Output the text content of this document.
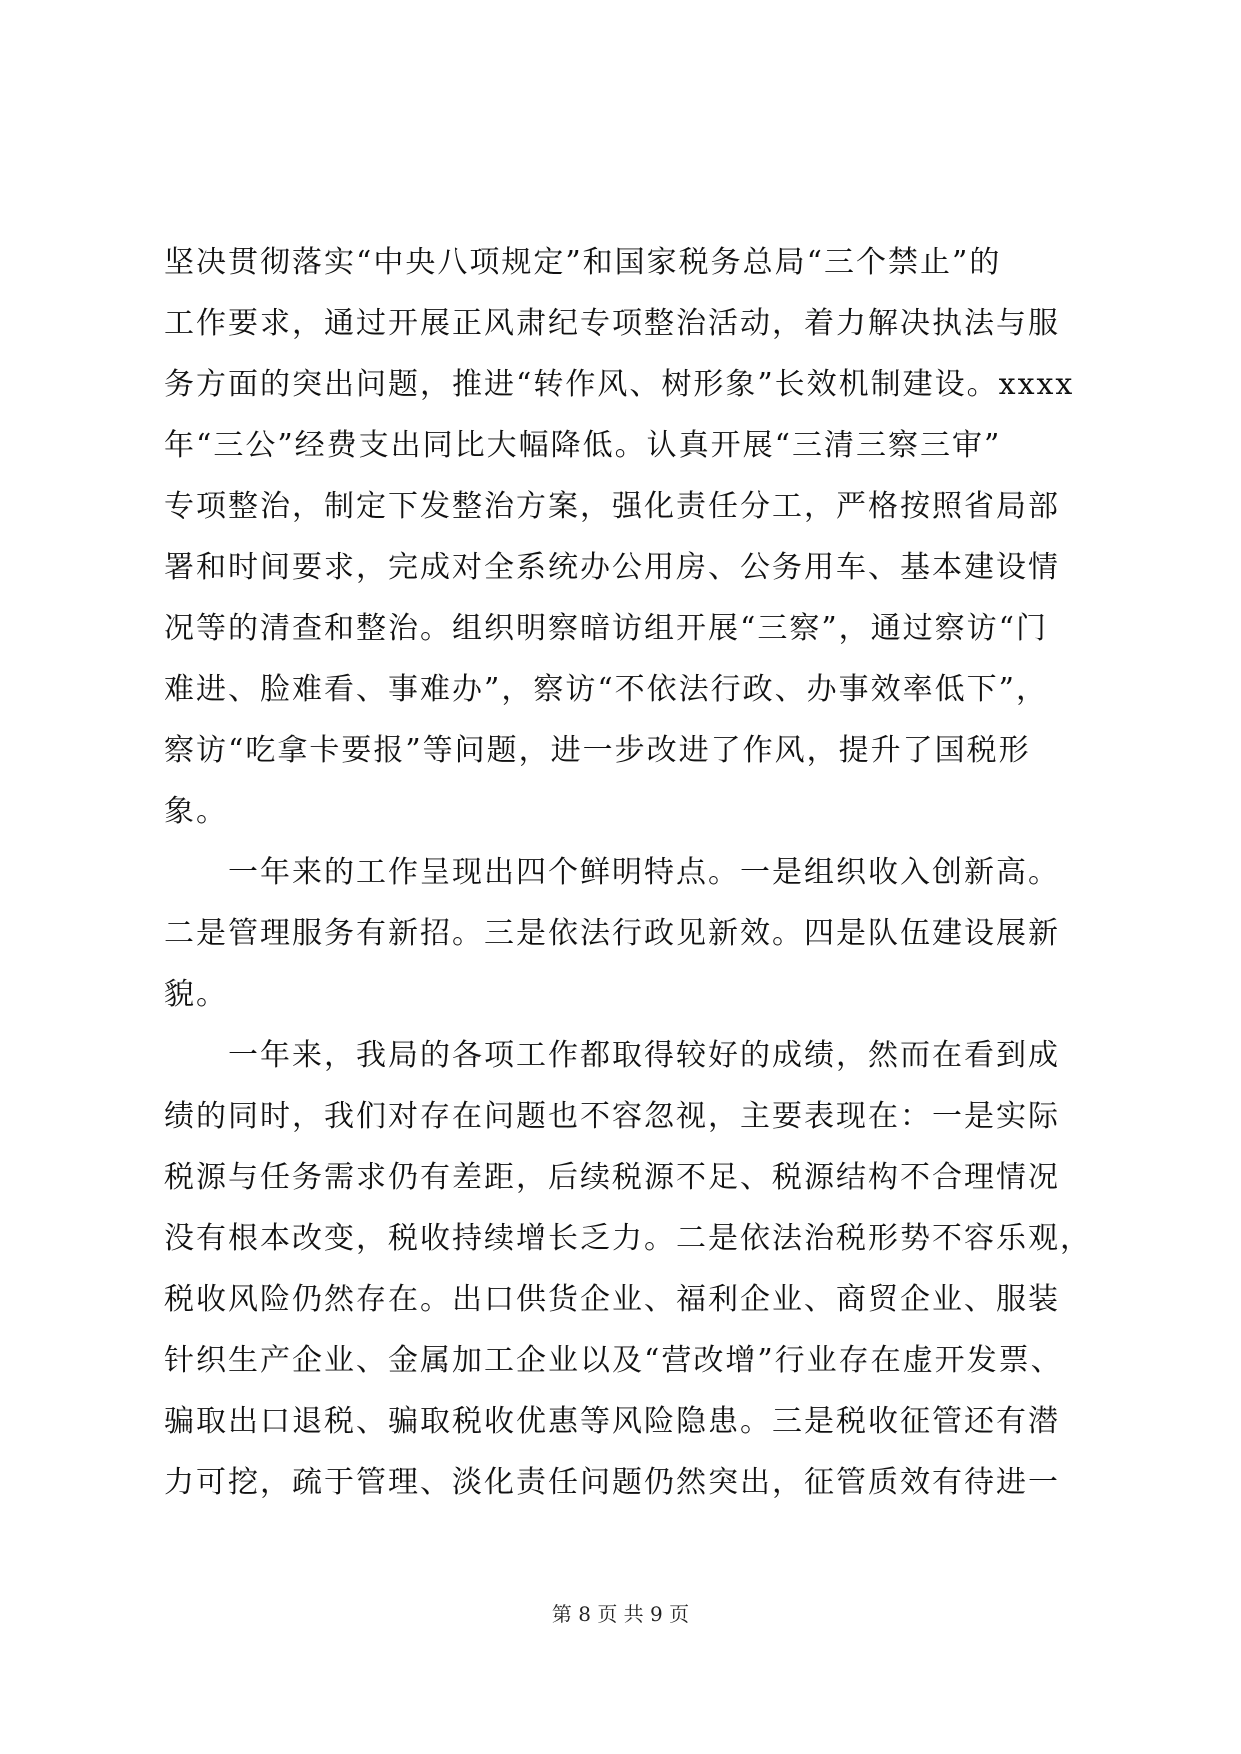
坚决贯彻落实“中央八项规定”和国家税务总局“三个禁止”的
工作要求，通过开展正风肃纪专项整治活动，着力解决执法与服
务方面的突出问题，推进“转作风、树形象”长效机制建设。xxxx
年“三公”经费支出同比大幅降低。认真开展“三清三察三审”
专项整治，制定下发整治方案，强化责任分工，严格按照省局部
署和时间要求，完成对全系统办公用房、公务用车、基本建设情
况等的清查和整治。组织明察暗访组开展“三察”，通过察访“门
难进、脸难看、事难办”，察访“不依法行政、办事效率低下”，
察访“吃拿卡要报”等问题，进一步改进了作风，提升了国税形
象。
一年来的工作呈现出四个鲜明特点。一是组织收入创新高。
二是管理服务有新招。三是依法行政见新效。四是队伍建设展新
貌。
一年来，我局的各项工作都取得较好的成绩，然而在看到成
绩的同时，我们对存在问题也不容忽视，主要表现在：一是实际
税源与任务需求仍有差距，后续税源不足、税源结构不合理情况
没有根本改变，税收持续增长乏力。二是依法治税形势不容乐观，
税收风险仍然存在。出口供货企业、福利企业、商贸企业、服装
针织生产企业、金属加工企业以及“营改增”行业存在虚开发票、
骗取出口退税、骗取税收优惠等风险隐患。三是税收征管还有潜
力可挖，疏于管理、淡化责任问题仍然突出，征管质效有待进一
第 8 页 共 9 页
